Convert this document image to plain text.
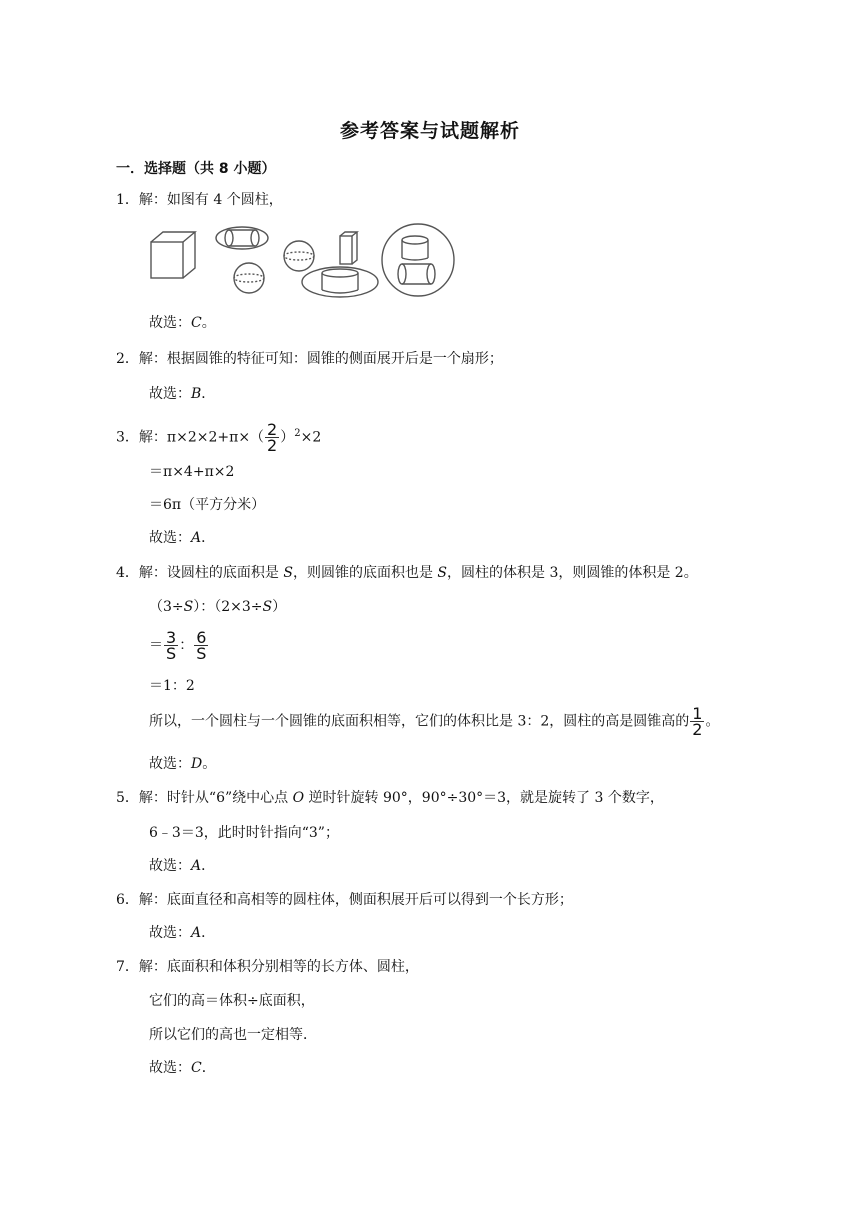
参考答案与试题解析
一．选择题（共 8 小题）
1．解：如图有 4 个圆柱，
故选：C。
2．解：根据圆锥的特征可知：圆锥的侧面展开后是一个扇形；
故选：B．
3．解：$\pi\times 2\times 2+\pi\times( \frac{2}{2} )^2\times 2$
＝π×4+π×2
＝6π（平方分米）
故选：A．
4．解：设圆柱的底面积是 S，则圆锥的底面积也是 S，圆柱的体积是 3，则圆锥的体积是 2。
（3÷S）：（2×3÷S）
＝ $\frac{3}{S}$ ： $\frac{6}{S}$
＝1：2
所以，一个圆柱与一个圆锥的底面积相等，它们的体积比是 3：2，圆柱的高是圆锥高的 $\frac{1}{2}$ 。
故选：D。
5．解：时针从“6”绕中心点 O 逆时针旋转 90°，90°÷30°＝3，就是旋转了 3 个数字，
6﹣3＝3，此时时针指向“3”；
故选：A．
6．解：底面直径和高相等的圆柱体，侧面积展开后可以得到一个长方形；
故选：A．
7．解：底面积和体积分别相等的长方体、圆柱，
它们的高＝体积÷底面积，
所以它们的高也一定相等．
故选：C．
